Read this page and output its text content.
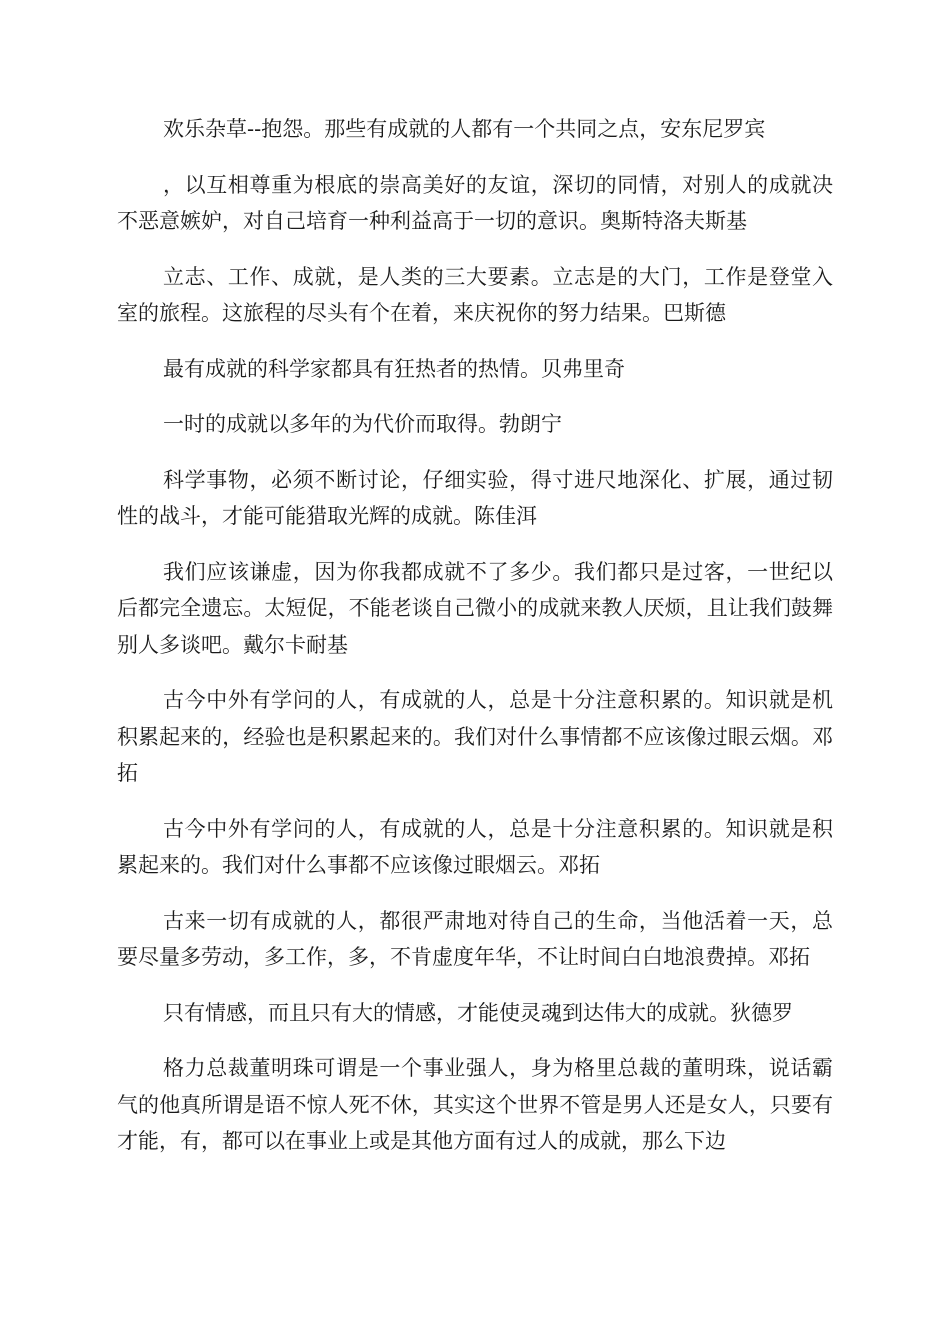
欢乐杂草--抱怨。那些有成就的人都有一个共同之点，安东尼罗宾

，以互相尊重为根底的崇高美好的友谊，深切的同情，对别人的成就决不恶意嫉妒，对自己培育一种利益高于一切的意识。奥斯特洛夫斯基

立志、工作、成就，是人类的三大要素。立志是的大门，工作是登堂入室的旅程。这旅程的尽头有个在着，来庆祝你的努力结果。巴斯德

最有成就的科学家都具有狂热者的热情。贝弗里奇

一时的成就以多年的为代价而取得。勃朗宁

科学事物，必须不断讨论，仔细实验，得寸进尺地深化、扩展，通过韧性的战斗，才能可能猎取光辉的成就。陈佳洱

我们应该谦虚，因为你我都成就不了多少。我们都只是过客，一世纪以后都完全遗忘。太短促，不能老谈自己微小的成就来教人厌烦，且让我们鼓舞别人多谈吧。戴尔卡耐基

古今中外有学问的人，有成就的人，总是十分注意积累的。知识就是机积累起来的，经验也是积累起来的。我们对什么事情都不应该像过眼云烟。邓拓

古今中外有学问的人，有成就的人，总是十分注意积累的。知识就是积累起来的。我们对什么事都不应该像过眼烟云。邓拓

古来一切有成就的人，都很严肃地对待自己的生命，当他活着一天，总要尽量多劳动，多工作，多，不肯虚度年华，不让时间白白地浪费掉。邓拓

只有情感，而且只有大的情感，才能使灵魂到达伟大的成就。狄德罗

格力总裁董明珠可谓是一个事业强人，身为格里总裁的董明珠，说话霸气的他真所谓是语不惊人死不休，其实这个世界不管是男人还是女人，只要有才能，有，都可以在事业上或是其他方面有过人的成就，那么下边
